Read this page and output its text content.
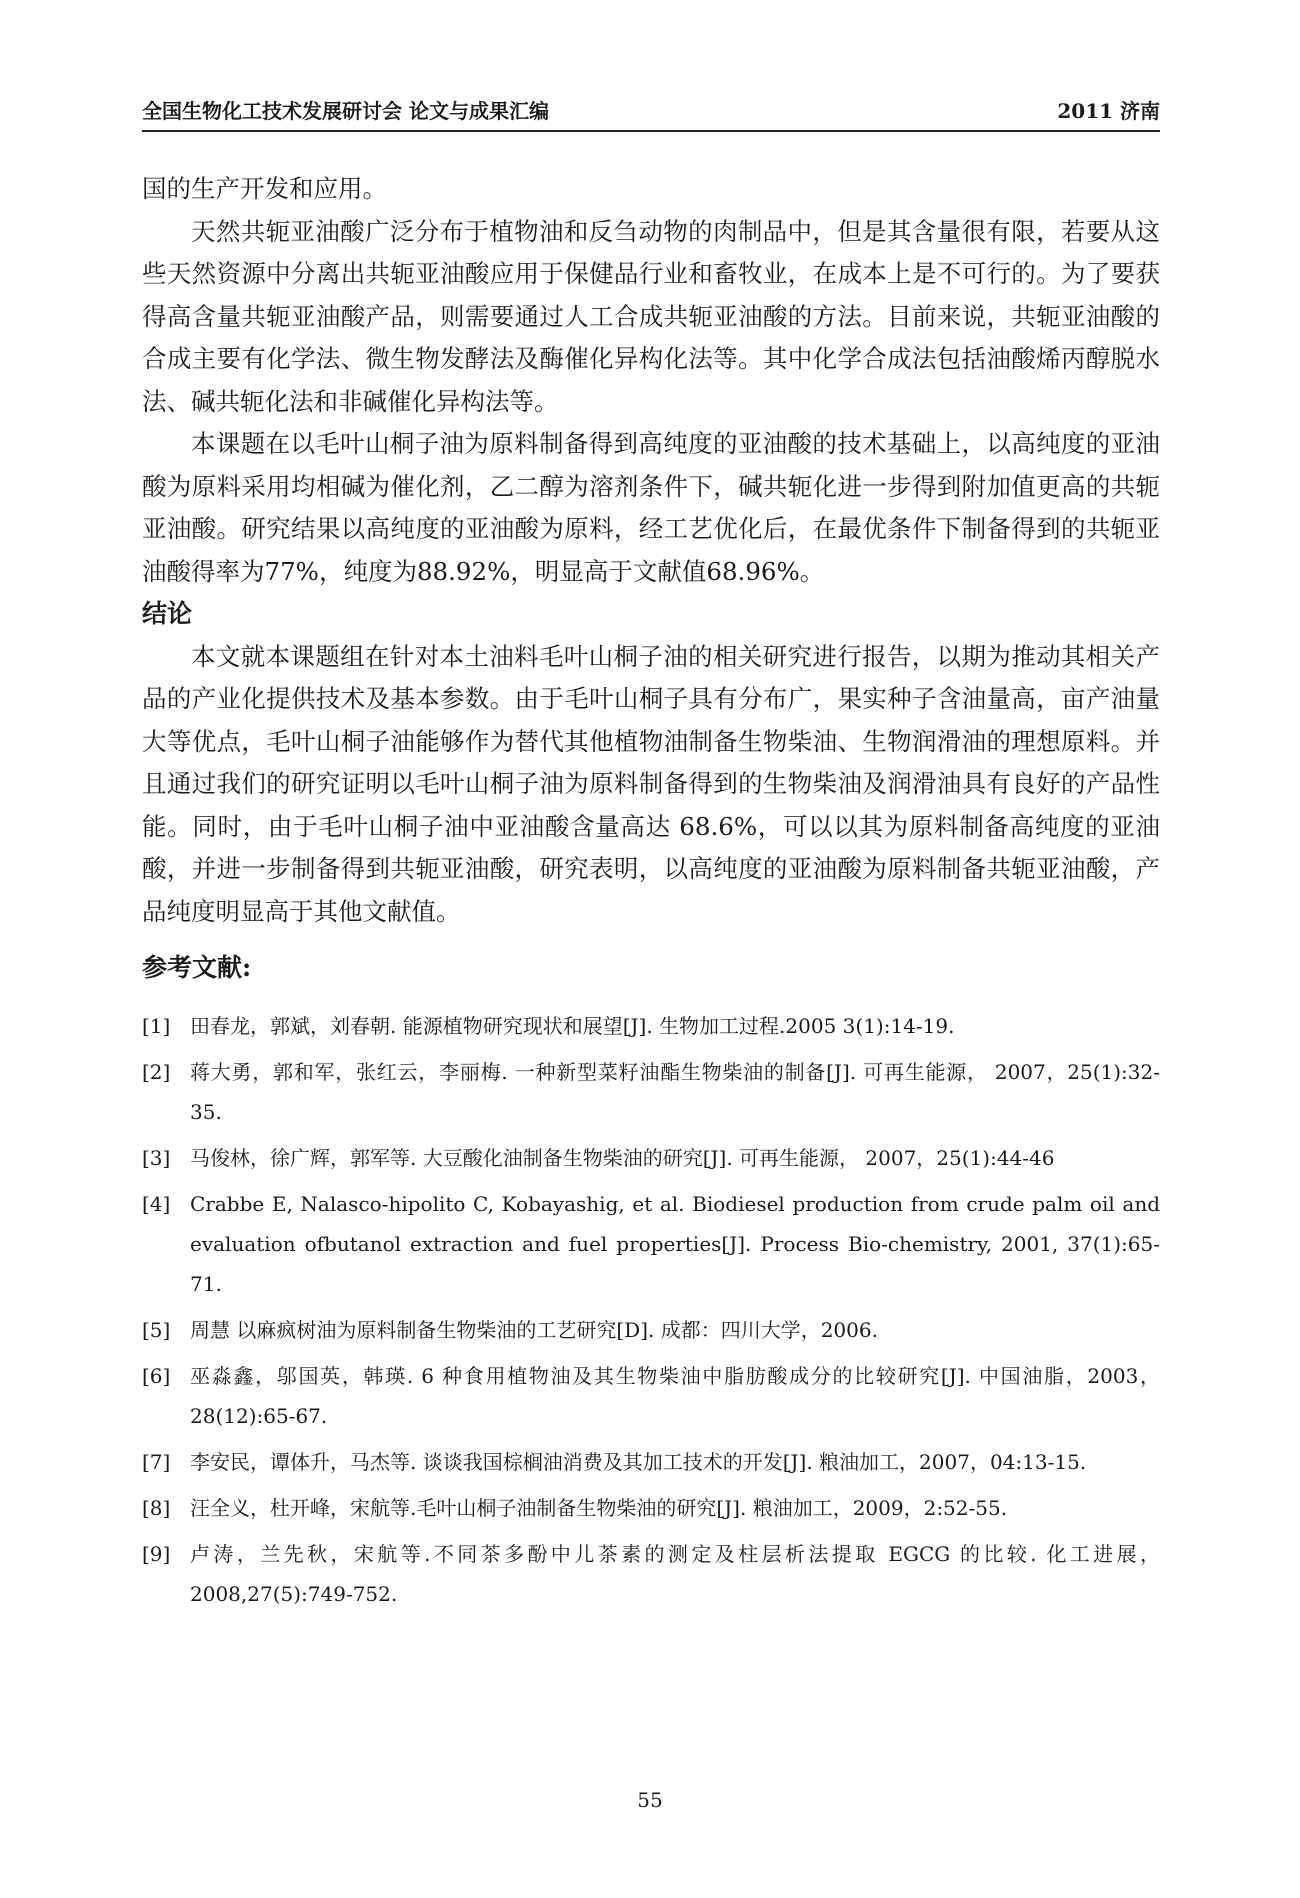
全国生物化工技术发展研讨会 论文与成果汇编	2011 济南

国的生产开发和应用。

天然共轭亚油酸广泛分布于植物油和反刍动物的肉制品中，但是其含量很有限，若要从这些天然资源中分离出共轭亚油酸应用于保健品行业和畜牧业，在成本上是不可行的。为了要获得高含量共轭亚油酸产品，则需要通过人工合成共轭亚油酸的方法。目前来说，共轭亚油酸的合成主要有化学法、微生物发酵法及酶催化异构化法等。其中化学合成法包括油酸烯丙醇脱水法、碱共轭化法和非碱催化异构法等。

本课题在以毛叶山桐子油为原料制备得到高纯度的亚油酸的技术基础上，以高纯度的亚油酸为原料采用均相碱为催化剂，乙二醇为溶剂条件下，碱共轭化进一步得到附加值更高的共轭亚油酸。研究结果以高纯度的亚油酸为原料，经工艺优化后，在最优条件下制备得到的共轭亚油酸得率为77%，纯度为88.92%，明显高于文献值68.96%。

结论

本文就本课题组在针对本土油料毛叶山桐子油的相关研究进行报告，以期为推动其相关产品的产业化提供技术及基本参数。由于毛叶山桐子具有分布广，果实种子含油量高，亩产油量大等优点，毛叶山桐子油能够作为替代其他植物油制备生物柴油、生物润滑油的理想原料。并且通过我们的研究证明以毛叶山桐子油为原料制备得到的生物柴油及润滑油具有良好的产品性能。同时，由于毛叶山桐子油中亚油酸含量高达 68.6%，可以以其为原料制备高纯度的亚油酸，并进一步制备得到共轭亚油酸，研究表明，以高纯度的亚油酸为原料制备共轭亚油酸，产品纯度明显高于其他文献值。

参考文献:

[1] 田春龙，郭斌，刘春朝. 能源植物研究现状和展望[J]. 生物加工过程.2005 3(1):14-19.
[2] 蒋大勇，郭和军，张红云，李丽梅. 一种新型菜籽油酯生物柴油的制备[J]. 可再生能源， 2007，25(1):32-35.
[3] 马俊林，徐广辉，郭军等. 大豆酸化油制备生物柴油的研究[J]. 可再生能源， 2007，25(1):44-46
[4] Crabbe E, Nalasco-hipolito C, Kobayashig, et al. Biodiesel production from crude palm oil and evaluation ofbutanol extraction and fuel properties[J]. Process Bio-chemistry, 2001, 37(1):65-71.
[5] 周慧 以麻疯树油为原料制备生物柴油的工艺研究[D]. 成都：四川大学，2006.
[6] 巫淼鑫，邬国英，韩瑛. 6 种食用植物油及其生物柴油中脂肪酸成分的比较研究[J]. 中国油脂，2003，28(12):65-67.
[7] 李安民，谭体升，马杰等. 谈谈我国棕榈油消费及其加工技术的开发[J]. 粮油加工，2007，04:13-15.
[8] 汪全义，杜开峰，宋航等.毛叶山桐子油制备生物柴油的研究[J]. 粮油加工，2009，2:52-55.
[9] 卢涛，兰先秋，宋航等.不同茶多酚中儿茶素的测定及柱层析法提取 EGCG 的比较. 化工进展，2008,27(5):749-752.
55
